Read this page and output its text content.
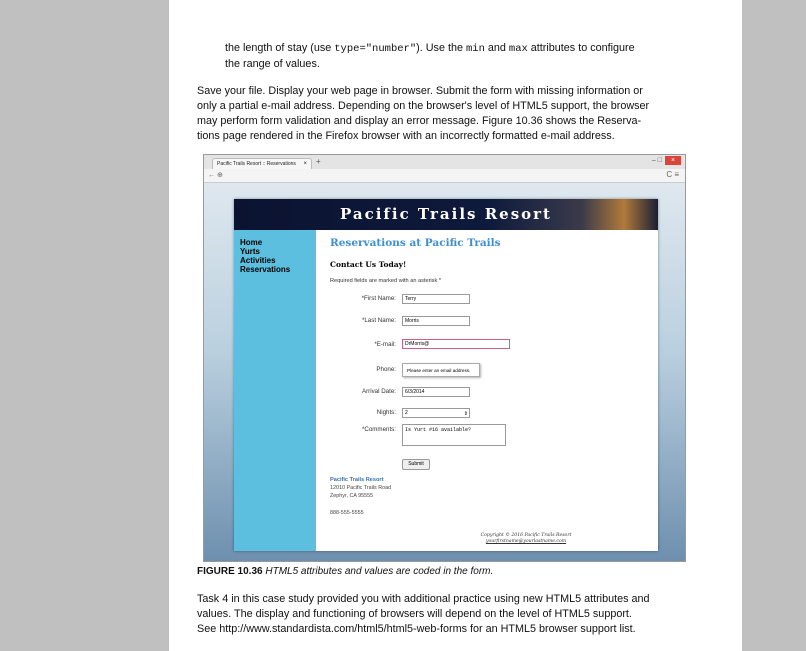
the length of stay (use type="number"). Use the min and max attributes to configure
the range of values.
Save your file. Display your web page in browser. Submit the form with missing information or
only a partial e-mail address. Depending on the browser's level of HTML5 support, the browser
may perform form validation and display an error message. Figure 10.36 shows the Reserva-
tions page rendered in the Firefox browser with an incorrectly formatted e-mail address.
Pacific Trails Resort :: Reservations × +	– □ ×
← ⊕	C ≡
Pacific Trails Resort
Home
Yurts
Activities
Reservations
Reservations at Pacific Trails
Contact Us Today!
Required fields are marked with an asterisk *
*First Name:	Terry
*Last Name:	Morris
*E-mail:	DrMorris@
Phone:	Please enter an email address.
Arrival Date:	6/3/2014
Nights:	2	⇕
*Comments:	Is Yurt #16 available?
Submit
Pacific Trails Resort
12010 Pacific Trails Road
Zephyr, CA 95555
888-555-5555
Copyright © 2016 Pacific Trails Resort
yourfirstname@yourlastname.com
FIGURE 10.36 HTML5 attributes and values are coded in the form.
Task 4 in this case study provided you with additional practice using new HTML5 attributes and
values. The display and functioning of browsers will depend on the level of HTML5 support.
See http://www.standardista.com/html5/html5-web-forms for an HTML5 browser support list.
